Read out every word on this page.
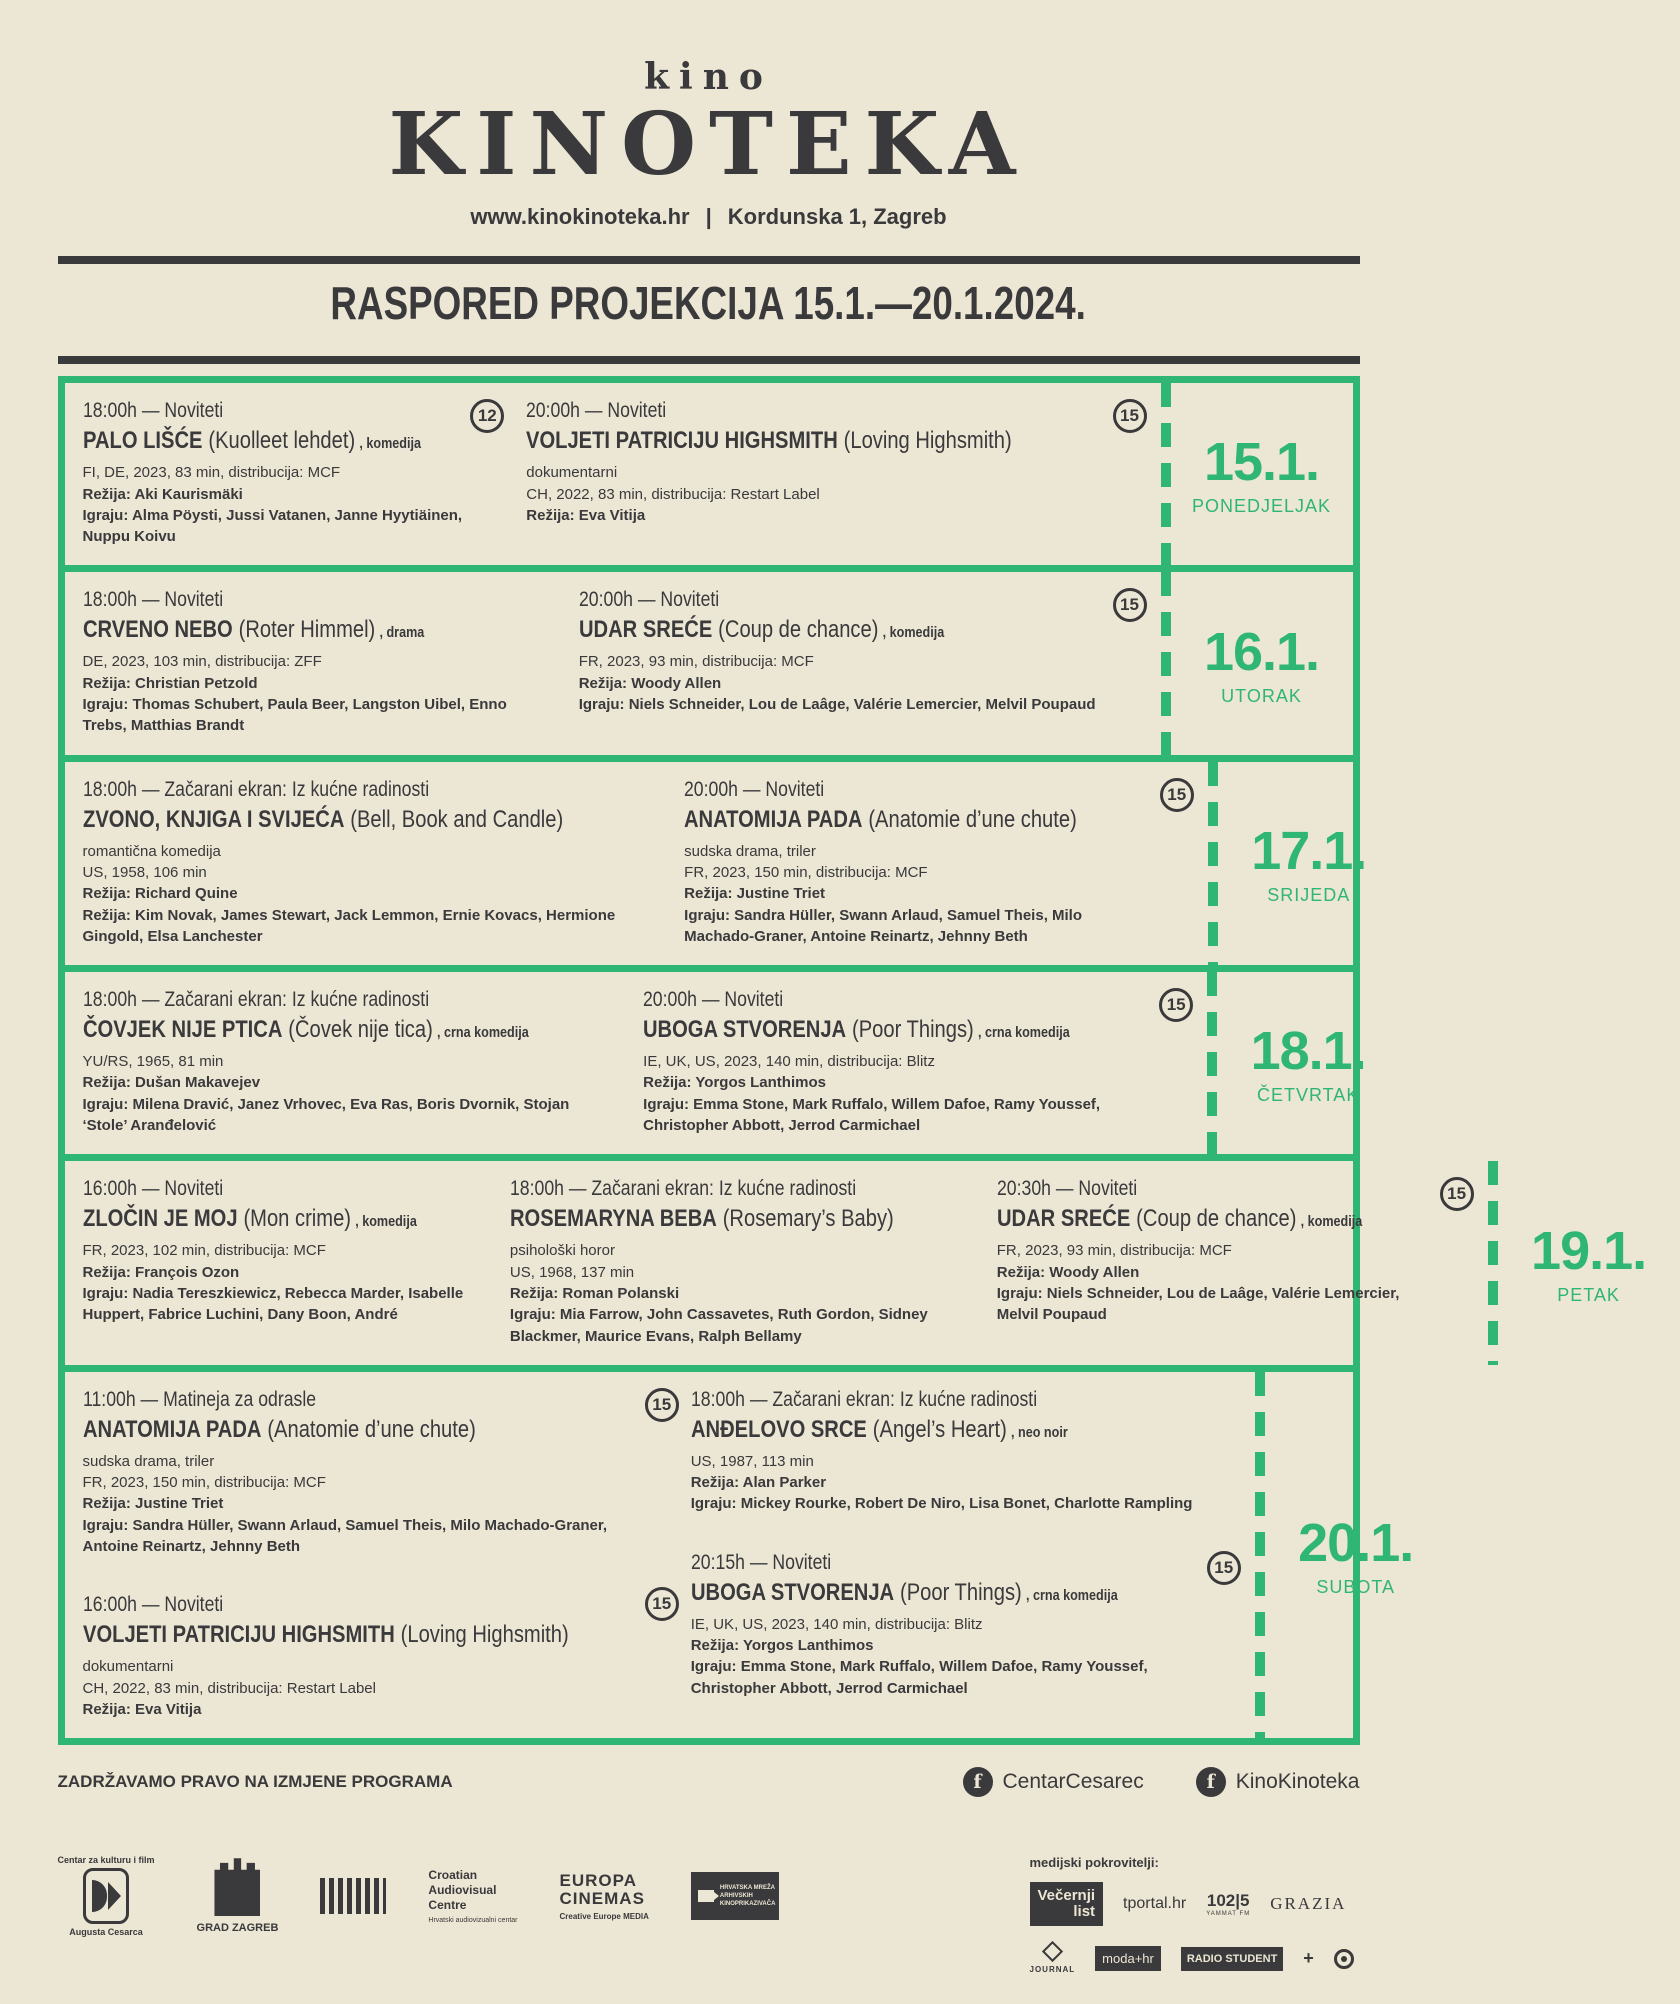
kino
KINOTEKA
www.kinokinoteka.hr | Kordunska 1, Zagreb
RASPORED PROJEKCIJA 15.1.—20.1.2024.
12
18:00h — Noviteti
PALO LIŠĆE (Kuolleet lehdet) , komedija
FI, DE, 2023, 83 min, distribucija: MCF
Režija: Aki Kaurismäki
Igraju: Alma Pöysti, Jussi Vatanen, Janne Hyytiäinen, Nuppu Koivu
15
20:00h — Noviteti
VOLJETI PATRICIJU HIGHSMITH (Loving Highsmith)
dokumentarni
CH, 2022, 83 min, distribucija: Restart Label
Režija: Eva Vitija
15.1.
PONEDJELJAK
18:00h — Noviteti
CRVENO NEBO (Roter Himmel) , drama
DE, 2023, 103 min, distribucija: ZFF
Režija: Christian Petzold
Igraju: Thomas Schubert, Paula Beer, Langston Uibel, Enno Trebs, Matthias Brandt
15
20:00h — Noviteti
UDAR SREĆE (Coup de chance) , komedija
FR, 2023, 93 min, distribucija: MCF
Režija: Woody Allen
Igraju: Niels Schneider, Lou de Laâge, Valérie Lemercier, Melvil Poupaud
16.1.
UTORAK
18:00h — Začarani ekran: Iz kućne radinosti
ZVONO, KNJIGA I SVIJEĆA (Bell, Book and Candle)
romantična komedija
US, 1958, 106 min
Režija: Richard Quine
Režija: Kim Novak, James Stewart, Jack Lemmon, Ernie Kovacs, Hermione Gingold, Elsa Lanchester
15
20:00h — Noviteti
ANATOMIJA PADA (Anatomie d’une chute)
sudska drama, triler
FR, 2023, 150 min, distribucija: MCF
Režija: Justine Triet
Igraju: Sandra Hüller, Swann Arlaud, Samuel Theis, Milo Machado-Graner, Antoine Reinartz, Jehnny Beth
17.1.
SRIJEDA
18:00h — Začarani ekran: Iz kućne radinosti
ČOVJEK NIJE PTICA (Čovek nije tica) , crna komedija
YU/RS, 1965, 81 min
Režija: Dušan Makavejev
Igraju: Milena Dravić, Janez Vrhovec, Eva Ras, Boris Dvornik, Stojan ‘Stole’ Aranđelović
15
20:00h — Noviteti
UBOGA STVORENJA (Poor Things) , crna komedija
IE, UK, US, 2023, 140 min, distribucija: Blitz
Režija: Yorgos Lanthimos
Igraju: Emma Stone, Mark Ruffalo, Willem Dafoe, Ramy Youssef, Christopher Abbott, Jerrod Carmichael
18.1.
ČETVRTAK
16:00h — Noviteti
ZLOČIN JE MOJ (Mon crime) , komedija
FR, 2023, 102 min, distribucija: MCF
Režija: François Ozon
Igraju: Nadia Tereszkiewicz, Rebecca Marder, Isabelle Huppert, Fabrice Luchini, Dany Boon, André
18:00h — Začarani ekran: Iz kućne radinosti
ROSEMARYNA BEBA (Rosemary’s Baby)
psihološki horor
US, 1968, 137 min
Režija: Roman Polanski
Igraju: Mia Farrow, John Cassavetes, Ruth Gordon, Sidney Blackmer, Maurice Evans, Ralph Bellamy
15
20:30h — Noviteti
UDAR SREĆE (Coup de chance) , komedija
FR, 2023, 93 min, distribucija: MCF
Režija: Woody Allen
Igraju: Niels Schneider, Lou de Laâge, Valérie Lemercier, Melvil Poupaud
19.1.
PETAK
11:00h — Matineja za odrasle
ANATOMIJA PADA (Anatomie d’une chute)
sudska drama, triler
FR, 2023, 150 min, distribucija: MCF
Režija: Justine Triet
Igraju: Sandra Hüller, Swann Arlaud, Samuel Theis, Milo Machado-Graner, Antoine Reinartz, Jehnny Beth
16:00h — Noviteti
VOLJETI PATRICIJU HIGHSMITH (Loving Highsmith)
dokumentarni
CH, 2022, 83 min, distribucija: Restart Label
Režija: Eva Vitija
15 18:00h — Začarani ekran: Iz kućne radinosti
ANĐELOVO SRCE (Angel’s Heart) , neo noir
US, 1987, 113 min
Režija: Alan Parker
Igraju: Mickey Rourke, Robert De Niro, Lisa Bonet, Charlotte Rampling
15
15
20:15h — Noviteti
UBOGA STVORENJA (Poor Things) , crna komedija
IE, UK, US, 2023, 140 min, distribucija: Blitz
Režija: Yorgos Lanthimos
Igraju: Emma Stone, Mark Ruffalo, Willem Dafoe, Ramy Youssef, Christopher Abbott, Jerrod Carmichael
20.1.
SUBOTA
ZADRŽAVAMO PRAVO NA IZMJENE PROGRAMA	f CentarCesarec	f KinoKinoteka
Centar za kulturu i film
Augusta Cesarca	GRAD ZAGREB
Croatian
Audiovisual
Centre
Hrvatski audiovizualni centar
EUROPA
CINEMAS
Creative Europe MEDIA
HRVATSKA MREŽA ARHIVSKIH KINOPRIKAZIVAČA
medijski pokrovitelji:
Večernji
list tportal.hr 102|5
YAMMAT FM
GRAZIA
JOURNAL
moda+hr	RADIO STUDENT	+
